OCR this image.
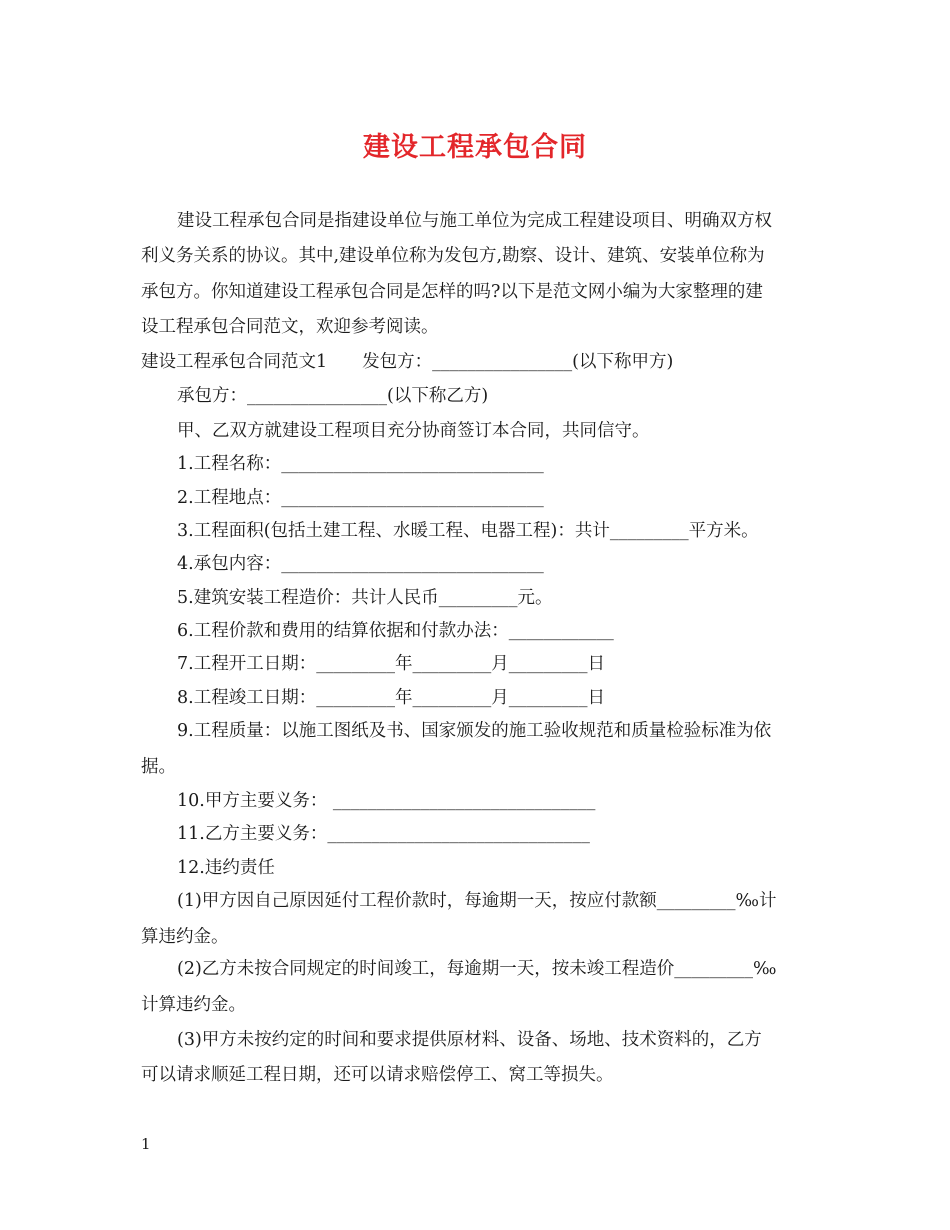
建设工程承包合同
建设工程承包合同是指建设单位与施工单位为完成工程建设项目、明确双方权
利义务关系的协议。其中,建设单位称为发包方,勘察、设计、建筑、安装单位称为
承包方。你知道建设工程承包合同是怎样的吗?以下是范文网小编为大家整理的建
设工程承包合同范文，欢迎参考阅读。
建设工程承包合同范文1　　发包方：________________(以下称甲方)
承包方：________________(以下称乙方)
甲、乙双方就建设工程项目充分协商签订本合同，共同信守。
1.工程名称：______________________________
2.工程地点：______________________________
3.工程面积(包括土建工程、水暖工程、电器工程)：共计_________平方米。
4.承包内容：______________________________
5.建筑安装工程造价：共计人民币_________元。
6.工程价款和费用的结算依据和付款办法：____________
7.工程开工日期：_________年_________月_________日
8.工程竣工日期：_________年_________月_________日
9.工程质量：以施工图纸及书、国家颁发的施工验收规范和质量检验标准为依
据。
10.甲方主要义务： ______________________________
11.乙方主要义务：______________________________
12.违约责任
(1)甲方因自己原因延付工程价款时，每逾期一天，按应付款额_________‰计
算违约金。
(2)乙方未按合同规定的时间竣工，每逾期一天，按未竣工程造价_________‰
计算违约金。
(3)甲方未按约定的时间和要求提供原材料、设备、场地、技术资料的，乙方
可以请求顺延工程日期，还可以请求赔偿停工、窝工等损失。
1
